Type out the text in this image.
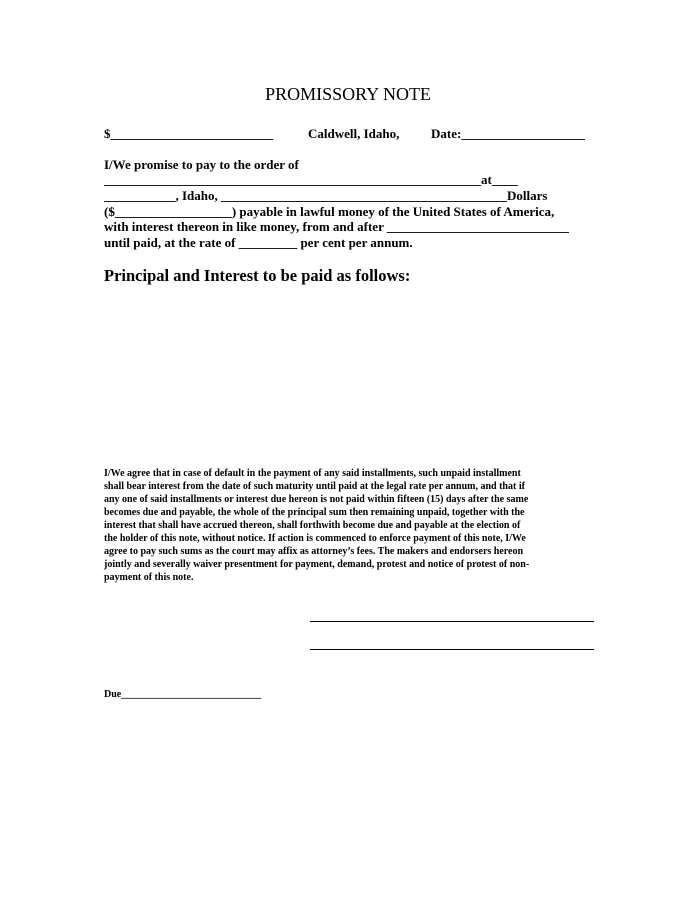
PROMISSORY NOTE
$_________________________	Caldwell, Idaho, Date:___________________
I/We promise to pay to the order of
__________________________________________________________at____
___________, Idaho, ____________________________________________Dollars
($__________________) payable in lawful money of the United States of America,
with interest thereon in like money, from and after ____________________________
until paid, at the rate of _________ per cent per annum.
Principal and Interest to be paid as follows:
I/We agree that in case of default in the payment of any said installments, such unpaid installment
shall bear interest from the date of such maturity until paid at the legal rate per annum, and that if
any one of said installments or interest due hereon is not paid within fifteen (15) days after the same
becomes due and payable, the whole of the principal sum then remaining unpaid, together with the
interest that shall have accrued thereon, shall forthwith become due and payable at the election of
the holder of this note, without notice. If action is commenced to enforce payment of this note, I/We
agree to pay such sums as the court may affix as attorney’s fees. The makers and endorsers hereon
jointly and severally waiver presentment for payment, demand, protest and notice of protest of non-
payment of this note.
Due____________________________
